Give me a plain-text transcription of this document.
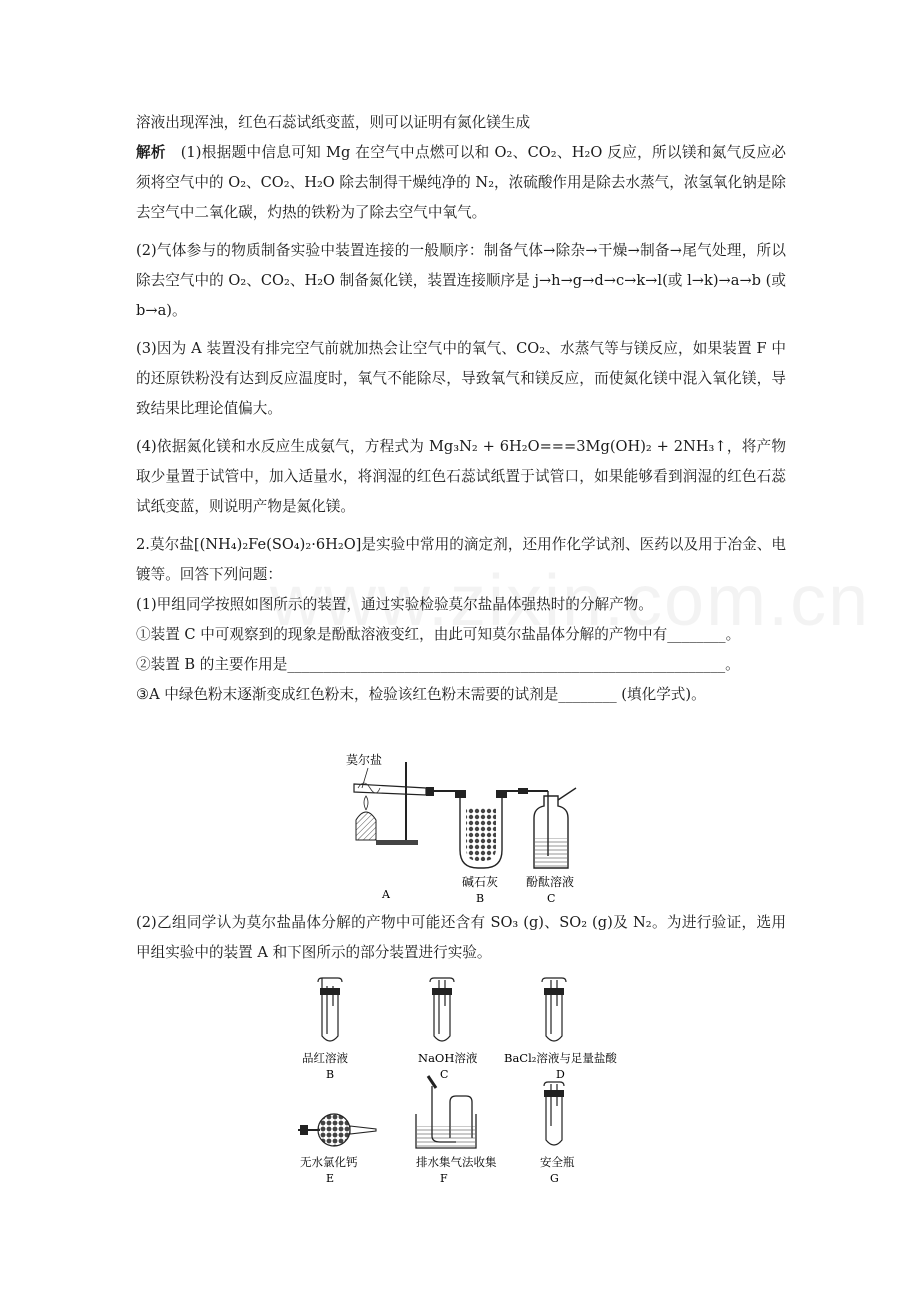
溶液出现浑浊，红色石蕊试纸变蓝，则可以证明有氮化镁生成

解析 (1)根据题中信息可知 Mg 在空气中点燃可以和 O₂、CO₂、H₂O 反应，所以镁和氮气反应必须将空气中的 O₂、CO₂、H₂O 除去制得干燥纯净的 N₂，浓硫酸作用是除去水蒸气，浓氢氧化钠是除去空气中二氧化碳，灼热的铁粉为了除去空气中氧气。

(2)气体参与的物质制备实验中装置连接的一般顺序：制备气体→除杂→干燥→制备→尾气处理，所以除去空气中的 O₂、CO₂、H₂O 制备氮化镁，装置连接顺序是 j→h→g→d→c→k→l(或 l→k)→a→b (或 b→a)。

(3)因为 A 装置没有排完空气前就加热会让空气中的氧气、CO₂、水蒸气等与镁反应，如果装置 F 中的还原铁粉没有达到反应温度时，氧气不能除尽，导致氧气和镁反应，而使氮化镁中混入氧化镁，导致结果比理论值偏大。

(4)依据氮化镁和水反应生成氨气，方程式为 Mg₃N₂ + 6H₂O===3Mg(OH)₂ + 2NH₃↑，将产物取少量置于试管中，加入适量水，将润湿的红色石蕊试纸置于试管口，如果能够看到润湿的红色石蕊试纸变蓝，则说明产物是氮化镁。

2.莫尔盐[(NH₄)₂Fe(SO₄)₂·6H₂O]是实验中常用的滴定剂，还用作化学试剂、医药以及用于冶金、电镀等。回答下列问题：

(1)甲组同学按照如图所示的装置，通过实验检验莫尔盐晶体强热时的分解产物。

①装置 C 中可观察到的现象是酚酞溶液变红，由此可知莫尔盐晶体分解的产物中有________。

②装置 B 的主要作用是____________________________________________________________。

③A 中绿色粉末逐渐变成红色粉末，检验该红色粉末需要的试剂是________ (填化学式)。

莫尔盐
A
碱石灰
B
酚酞溶液
C

(2)乙组同学认为莫尔盐晶体分解的产物中可能还含有 SO₃ (g)、SO₂ (g)及 N₂。为进行验证，选用甲组实验中的装置 A 和下图所示的部分装置进行实验。

品红溶液
B
NaOH溶液
C
BaCl₂溶液与足量盐酸
D
无水氯化钙
E
排水集气法收集
F
安全瓶
G
